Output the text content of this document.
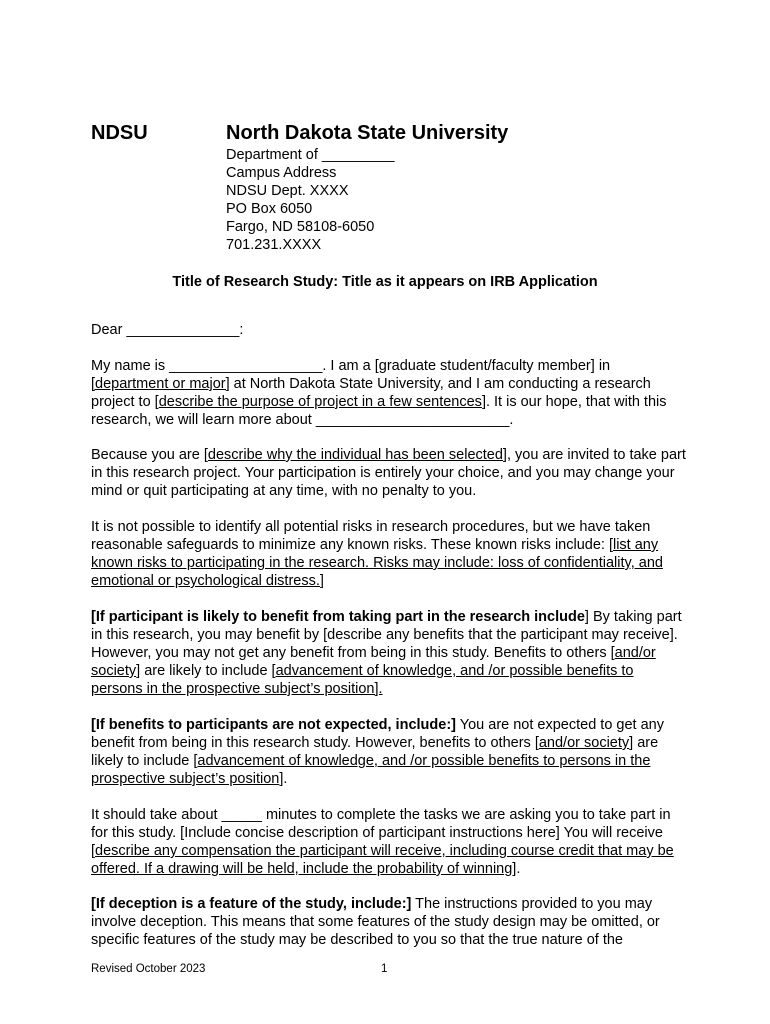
NDSU	North Dakota State University
Department of _________
Campus Address
NDSU Dept. XXXX
PO Box 6050
Fargo, ND 58108-6050
701.231.XXXX
Title of Research Study: Title as it appears on IRB Application
Dear ______________:
My name is ___________________. I am a [graduate student/faculty member] in [department or major] at North Dakota State University, and I am conducting a research project to [describe the purpose of project in a few sentences]. It is our hope, that with this research, we will learn more about ________________________.
Because you are [describe why the individual has been selected], you are invited to take part in this research project. Your participation is entirely your choice, and you may change your mind or quit participating at any time, with no penalty to you.
It is not possible to identify all potential risks in research procedures, but we have taken reasonable safeguards to minimize any known risks. These known risks include: [list any known risks to participating in the research. Risks may include: loss of confidentiality, and emotional or psychological distress.]
[If participant is likely to benefit from taking part in the research include] By taking part in this research, you may benefit by [describe any benefits that the participant may receive]. However, you may not get any benefit from being in this study. Benefits to others [and/or society] are likely to include [advancement of knowledge, and /or possible benefits to persons in the prospective subject’s position].
[If benefits to participants are not expected, include:] You are not expected to get any benefit from being in this research study. However, benefits to others [and/or society] are likely to include [advancement of knowledge, and /or possible benefits to persons in the prospective subject’s position].
It should take about _____ minutes to complete the tasks we are asking you to take part in for this study. [Include concise description of participant instructions here] You will receive [describe any compensation the participant will receive, including course credit that may be offered. If a drawing will be held, include the probability of winning].
[If deception is a feature of the study, include:] The instructions provided to you may involve deception. This means that some features of the study design may be omitted, or specific features of the study may be described to you so that the true nature of the
Revised October 2023	1
